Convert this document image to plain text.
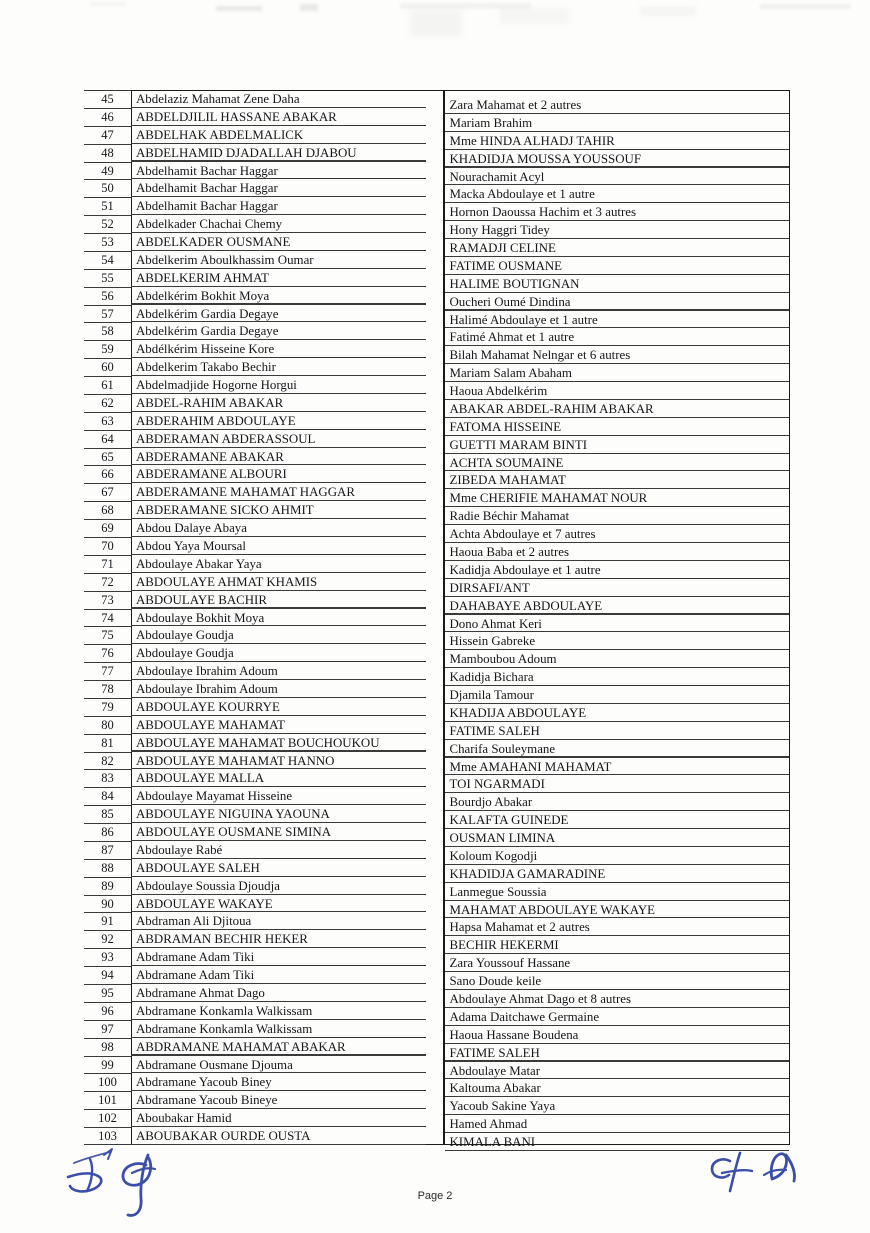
45	Abdelaziz Mahamat Zene Daha	Zara Mahamat et 2 autres
46	ABDELDJILIL HASSANE ABAKAR	Mariam Brahim
47	ABDELHAK ABDELMALICK	Mme HINDA ALHADJ TAHIR
48	ABDELHAMID DJADALLAH DJABOU	KHADIDJA MOUSSA YOUSSOUF
49	Abdelhamit Bachar Haggar	Nourachamit Acyl
50	Abdelhamit Bachar Haggar	Macka Abdoulaye et 1 autre
51	Abdelhamit Bachar Haggar	Hornon Daoussa Hachim et 3 autres
52	Abdelkader Chachai Chemy	Hony Haggri Tidey
53	ABDELKADER OUSMANE	RAMADJI CELINE
54	Abdelkerim Aboulkhassim Oumar	FATIME OUSMANE
55	ABDELKERIM AHMAT	HALIME BOUTIGNAN
56	Abdelkérim Bokhit Moya	Oucheri Oumé Dindina
57	Abdelkérim Gardia Degaye	Halimé Abdoulaye et 1 autre
58	Abdelkérim Gardia Degaye	Fatimé Ahmat et 1 autre
59	Abdélkérim Hisseine Kore	Bilah Mahamat Nelngar et 6 autres
60	Abdelkerim Takabo Bechir	Mariam Salam Abaham
61	Abdelmadjide Hogorne Horgui	Haoua Abdelkérim
62	ABDEL-RAHIM ABAKAR	ABAKAR ABDEL-RAHIM ABAKAR
63	ABDERAHIM ABDOULAYE	FATOMA HISSEINE
64	ABDERAMAN ABDERASSOUL	GUETTI MARAM BINTI
65	ABDERAMANE ABAKAR	ACHTA SOUMAINE
66	ABDERAMANE ALBOURI	ZIBEDA MAHAMAT
67	ABDERAMANE MAHAMAT HAGGAR	Mme CHERIFIE MAHAMAT NOUR
68	ABDERAMANE SICKO AHMIT	Radie Béchir Mahamat
69	Abdou Dalaye Abaya	Achta Abdoulaye et 7 autres
70	Abdou Yaya Moursal	Haoua Baba et 2 autres
71	Abdoulaye Abakar Yaya	Kadidja Abdoulaye et 1 autre
72	ABDOULAYE AHMAT KHAMIS	DIRSAFI/ANT
73	ABDOULAYE BACHIR	DAHABAYE ABDOULAYE
74	Abdoulaye Bokhit Moya	Dono Ahmat Keri
75	Abdoulaye Goudja	Hissein Gabreke
76	Abdoulaye Goudja	Mamboubou Adoum
77	Abdoulaye Ibrahim Adoum	Kadidja Bichara
78	Abdoulaye Ibrahim Adoum	Djamila Tamour
79	ABDOULAYE KOURRYE	KHADIJA ABDOULAYE
80	ABDOULAYE MAHAMAT	FATIME SALEH
81	ABDOULAYE MAHAMAT BOUCHOUKOU	Charifa Souleymane
82	ABDOULAYE MAHAMAT HANNO	Mme AMAHANI MAHAMAT
83	ABDOULAYE MALLA	TOI NGARMADI
84	Abdoulaye Mayamat Hisseine	Bourdjo Abakar
85	ABDOULAYE NIGUINA YAOUNA	KALAFTA GUINEDE
86	ABDOULAYE OUSMANE SIMINA	OUSMAN LIMINA
87	Abdoulaye Rabé	Koloum Kogodji
88	ABDOULAYE SALEH	KHADIDJA GAMARADINE
89	Abdoulaye Soussia Djoudja	Lanmegue Soussia
90	ABDOULAYE WAKAYE	MAHAMAT ABDOULAYE WAKAYE
91	Abdraman Ali Djitoua	Hapsa Mahamat et 2 autres
92	ABDRAMAN BECHIR HEKER	BECHIR HEKERMI
93	Abdramane Adam Tiki	Zara Youssouf Hassane
94	Abdramane Adam Tiki	Sano Doude keile
95	Abdramane Ahmat Dago	Abdoulaye Ahmat Dago et 8 autres
96	Abdramane Konkamla Walkissam	Adama Daitchawe Germaine
97	Abdramane Konkamla Walkissam	Haoua Hassane Boudena
98	ABDRAMANE MAHAMAT ABAKAR	FATIME SALEH
99	Abdramane Ousmane Djouma	Abdoulaye Matar
100	Abdramane Yacoub Biney	Kaltouma Abakar
101	Abdramane Yacoub Bineye	Yacoub Sakine Yaya
102	Aboubakar Hamid	Hamed Ahmad
103	ABOUBAKAR OURDE OUSTA	KIMALA BANI
Page 2
